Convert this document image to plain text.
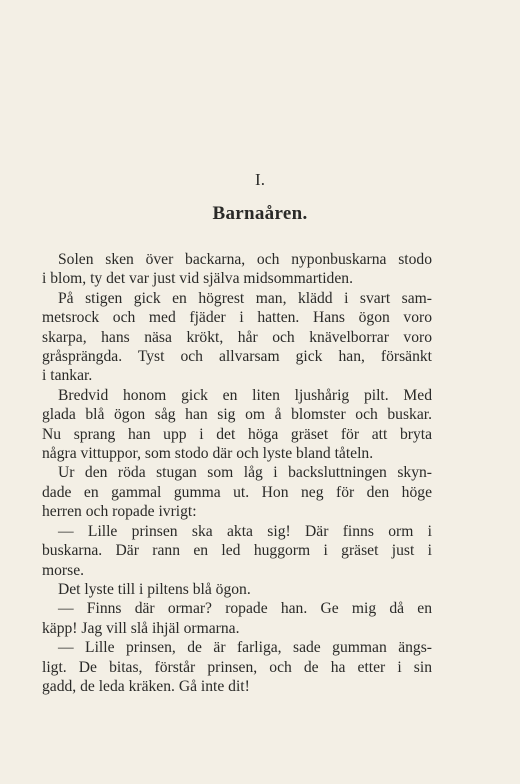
I.
Barnaåren.
Solen sken över backarna, och nyponbuskarna stodo
i blom, ty det var just vid själva midsommartiden.
På stigen gick en högrest man, klädd i svart sam-
metsrock och med fjäder i hatten. Hans ögon voro
skarpa, hans näsa krökt, hår och knävelborrar voro
gråsprängda. Tyst och allvarsam gick han, försänkt
i tankar.
Bredvid honom gick en liten ljushårig pilt. Med
glada blå ögon såg han sig om å blomster och buskar.
Nu sprang han upp i det höga gräset för att bryta
några vittuppor, som stodo där och lyste bland tåteln.
Ur den röda stugan som låg i backsluttningen skyn-
dade en gammal gumma ut. Hon neg för den höge
herren och ropade ivrigt:
— Lille prinsen ska akta sig! Där finns orm i
buskarna. Där rann en led huggorm i gräset just i
morse.
Det lyste till i piltens blå ögon.
— Finns där ormar? ropade han. Ge mig då en
käpp! Jag vill slå ihjäl ormarna.
— Lille prinsen, de är farliga, sade gumman ängs-
ligt. De bitas, förstår prinsen, och de ha etter i sin
gadd, de leda kräken. Gå inte dit!
